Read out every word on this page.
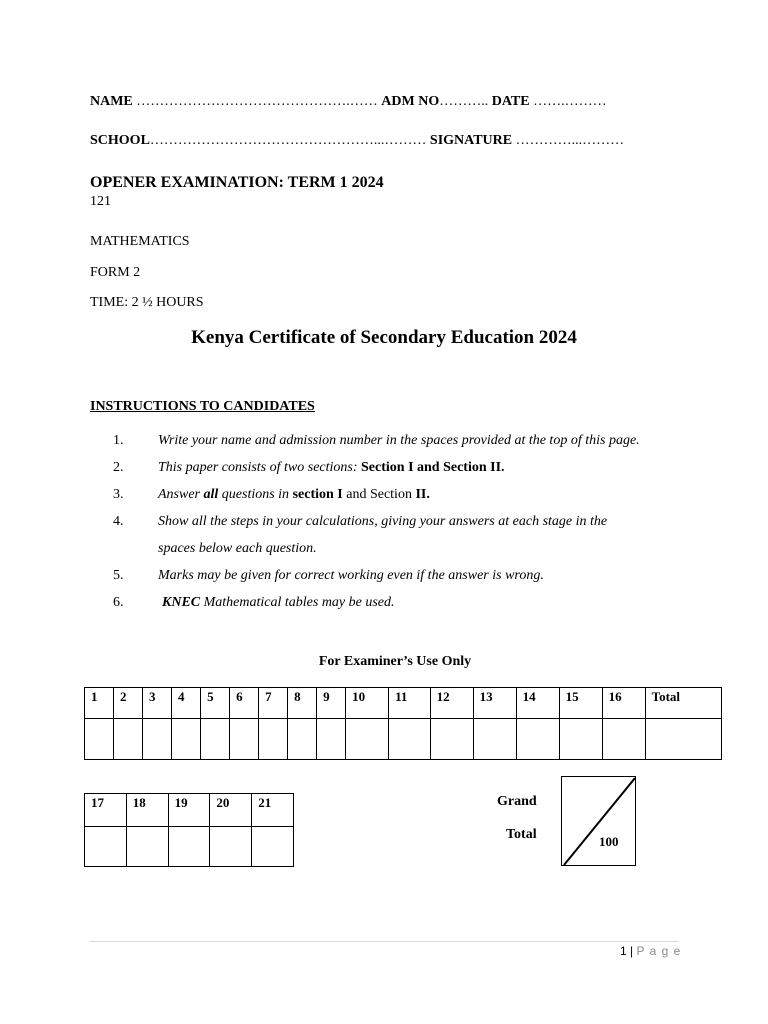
NAME ……………………………………….…… ADM NO……….. DATE …….………
SCHOOL…………………………………………...……… SIGNATURE …………...………
OPENER EXAMINATION: TERM 1 2024
121
MATHEMATICS
FORM 2
TIME: 2 ½ HOURS
Kenya Certificate of Secondary Education 2024
INSTRUCTIONS TO CANDIDATES
1. Write your name and admission number in the spaces provided at the top of this page.
2. This paper consists of two sections: Section I and Section II.
3. Answer all questions in section I and Section II.
4. Show all the steps in your calculations, giving your answers at each stage in the
spaces below each question.
5. Marks may be given for correct working even if the answer is wrong.
6.	KNEC Mathematical tables may be used.
For Examiner’s Use Only
1	2	3	4	5	6	7	8	9	10	11	12	13	14	15	16	Total

17	18	19	20	21
					Grand
Total	100
1 | P a g e
